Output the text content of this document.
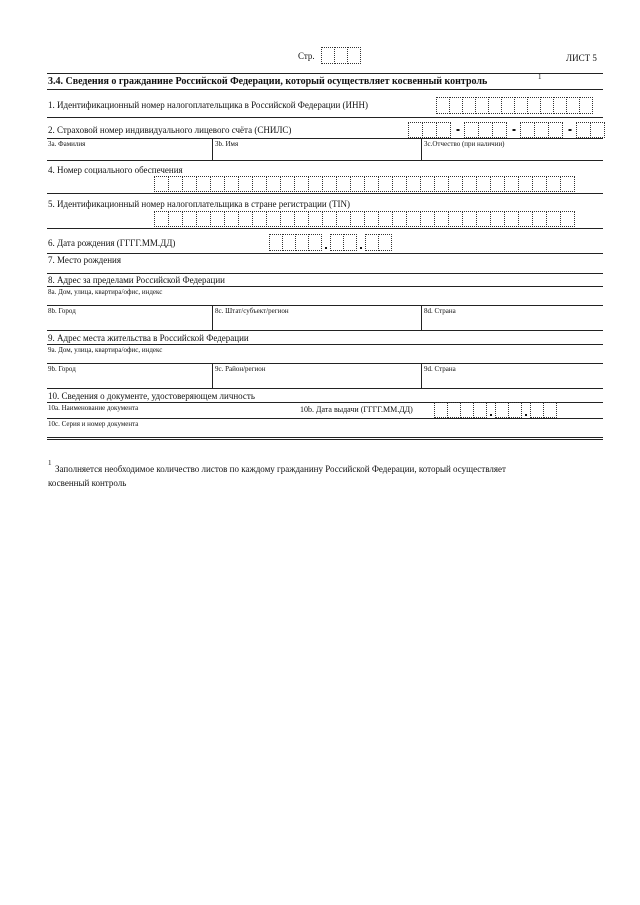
Стр.	ЛИСТ 5
3.4. Сведения о гражданине Российской Федерации, который осуществляет косвенный контроль	1
1. Идентификационный номер налогоплательщика в Российской Федерации (ИНН)
2. Страховой номер индивидуального лицевого счёта (СНИЛС)
3a. Фамилия	3b. Имя	3c.Отчество (при наличии)
4. Номер социального обеспечения
5. Идентификационный номер налогоплательщика в стране регистрации (TIN)
6. Дата рождения (ГГГГ.ММ.ДД)
7. Место рождения
8. Адрес за пределами Российской Федерации
8a. Дом, улица, квартира/офис, индекс
8b. Город	8c. Штат/субъект/регион	8d. Страна
9. Адрес места жительства в Российской Федерации
9a. Дом, улица, квартира/офис, индекс
9b. Город	9c. Район/регион	9d. Страна
10. Сведения о документе, удостоверяющем личность
10a. Наименование документа	10b. Дата выдачи (ГГГГ.ММ.ДД)
10c. Серия и номер документа
1
Заполняется необходимое количество листов по каждому гражданину Российской Федерации, который осуществляет
косвенный контроль
